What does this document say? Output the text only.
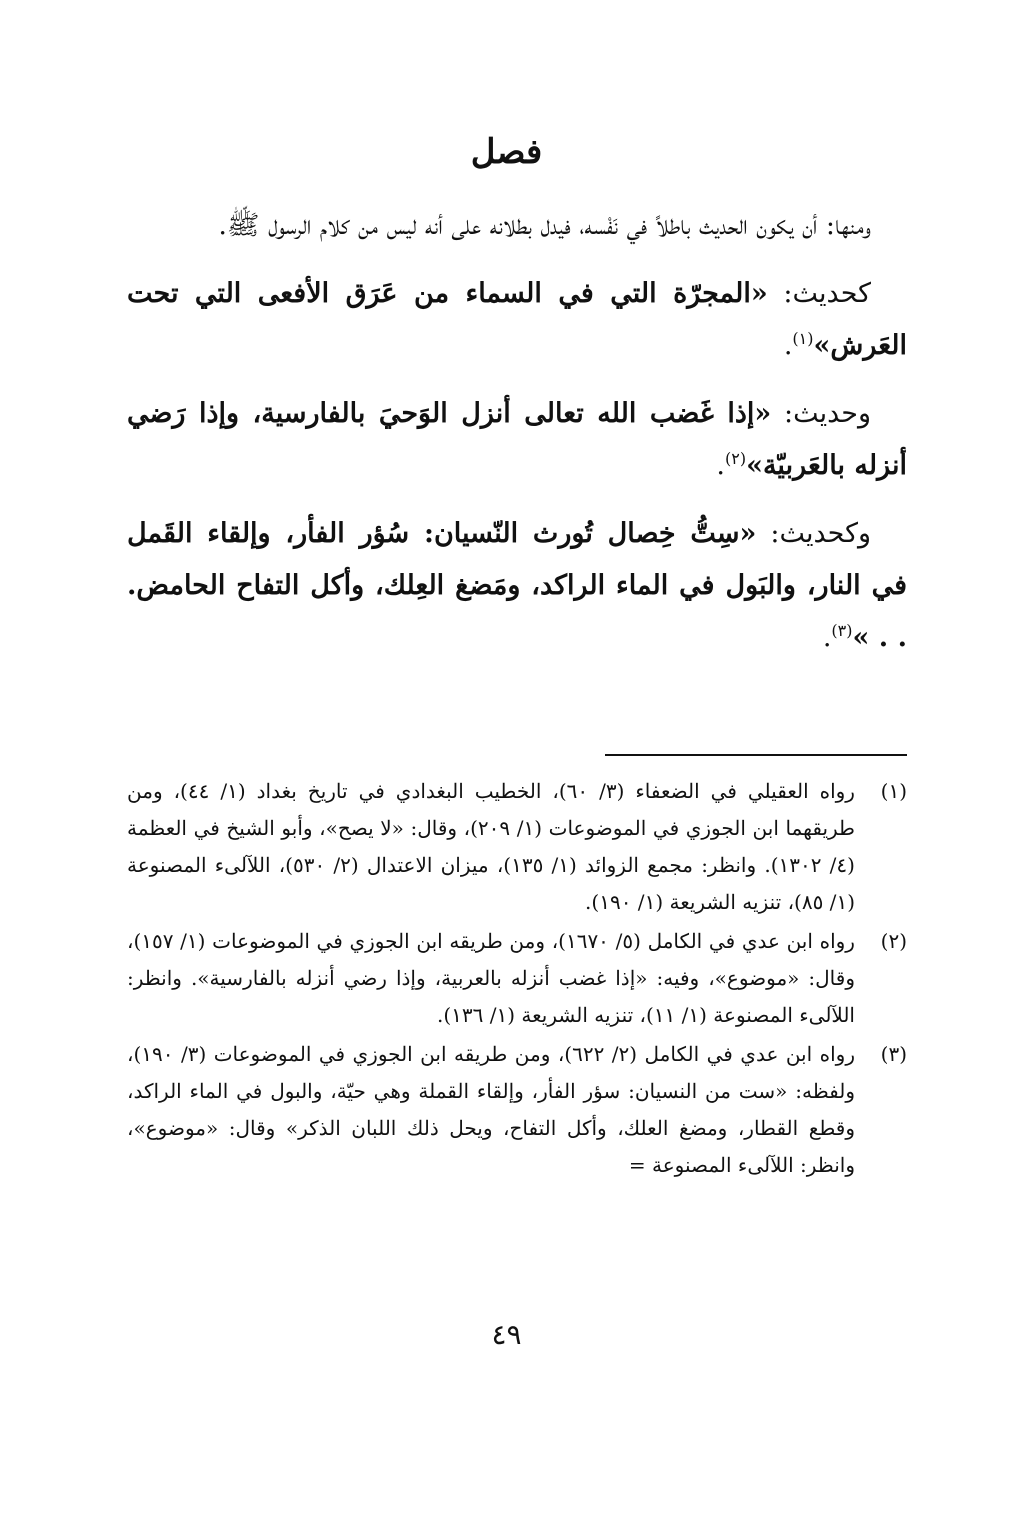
فصل

ومنها: أن يكون الحديث باطلاً في نَفْسه، فيدل بطلانه على أنه ليس من كلام الرسول ﷺ.

كحديث: «المجرّة التي في السماء من عَرَق الأفعى التي تحت العَرش»$^{(١)}$.

وحديث: «إذا غَضب الله تعالى أنزل الوَحيَ بالفارسية، وإذا رَضي أنزله بالعَربيّة»$^{(٢)}$.

وكحديث: «سِتُّ خِصال تُورث النّسيان: سُؤر الفأر، وإلقاء القَمل في النار، والبَول في الماء الراكد، ومَضغ العِلك، وأكل التفاح الحامض. . . »$^{(٣)}$.

(١)
رواه العقيلي في الضعفاء (٣/ ٦٠)، الخطيب البغدادي في تاريخ بغداد (١/ ٤٤)، ومن طريقهما ابن الجوزي في الموضوعات (١/ ٢٠٩)، وقال: «لا يصح»، وأبو الشيخ في العظمة (٤/ ١٣٠٢). وانظر: مجمع الزوائد (١/ ١٣٥)، ميزان الاعتدال (٢/ ٥٣٠)، اللآلىء المصنوعة (١/ ٨٥)، تنزيه الشريعة (١/ ١٩٠).
(٢)
رواه ابن عدي في الكامل (٥/ ١٦٧٠)، ومن طريقه ابن الجوزي في الموضوعات (١/ ١٥٧)، وقال: «موضوع»، وفيه: «إذا غضب أنزله بالعربية، وإذا رضي أنزله بالفارسية». وانظر: اللآلىء المصنوعة (١/ ١١)، تنزيه الشريعة (١/ ١٣٦).
(٣)
رواه ابن عدي في الكامل (٢/ ٦٢٢)، ومن طريقه ابن الجوزي في الموضوعات (٣/ ١٩٠)، ولفظه: «ست من النسيان: سؤر الفأر، وإلقاء القملة وهي حيّة، والبول في الماء الراكد، وقطع القطار، ومضغ العلك، وأكل التفاح، ويحل ذلك اللبان الذكر» وقال: «موضوع»، وانظر: اللآلىء المصنوعة =
٤٩
